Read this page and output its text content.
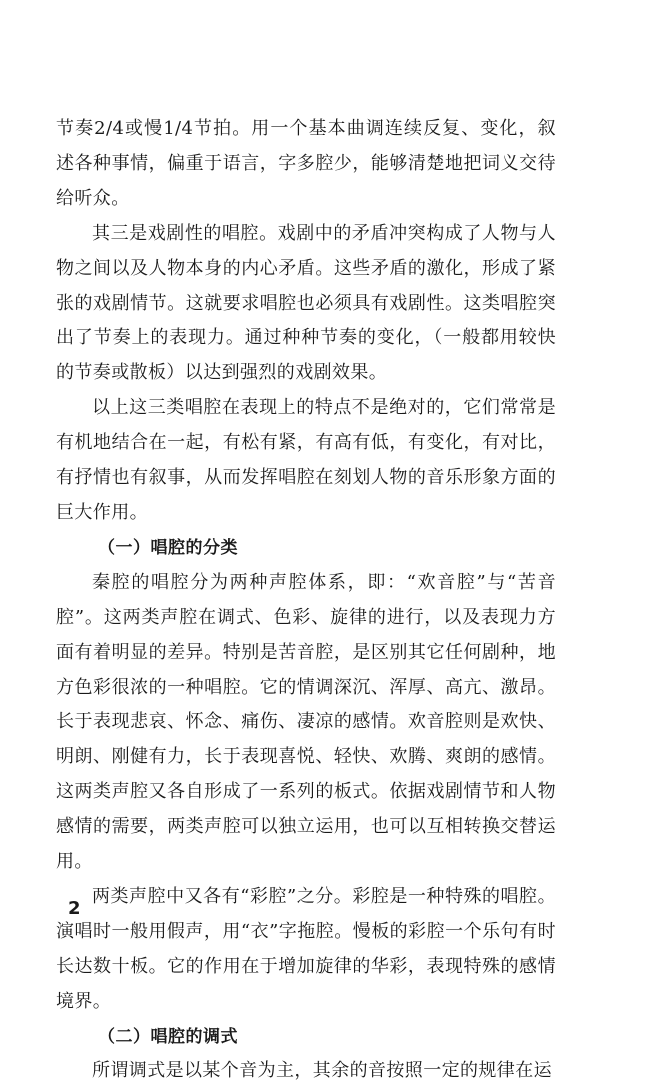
节奏2/4或慢1/4节拍。用一个基本曲调连续反复、变化，叙述各种事情，偏重于语言，字多腔少，能够清楚地把词义交待给听众。

其三是戏剧性的唱腔。戏剧中的矛盾冲突构成了人物与人物之间以及人物本身的内心矛盾。这些矛盾的激化，形成了紧张的戏剧情节。这就要求唱腔也必须具有戏剧性。这类唱腔突出了节奏上的表现力。通过种种节奏的变化，（一般都用较快的节奏或散板）以达到强烈的戏剧效果。

以上这三类唱腔在表现上的特点不是绝对的，它们常常是有机地结合在一起，有松有紧，有高有低，有变化，有对比，有抒情也有叙事，从而发挥唱腔在刻划人物的音乐形象方面的巨大作用。

（一）唱腔的分类

秦腔的唱腔分为两种声腔体系，即：“欢音腔”与“苦音腔”。这两类声腔在调式、色彩、旋律的进行，以及表现力方面有着明显的差异。特别是苦音腔，是区别其它任何剧种，地方色彩很浓的一种唱腔。它的情调深沉、浑厚、高亢、激昂。长于表现悲哀、怀念、痛伤、凄凉的感情。欢音腔则是欢快、明朗、刚健有力，长于表现喜悦、轻快、欢腾、爽朗的感情。这两类声腔又各自形成了一系列的板式。依据戏剧情节和人物感情的需要，两类声腔可以独立运用，也可以互相转换交替运用。

两类声腔中又各有“彩腔”之分。彩腔是一种特殊的唱腔。演唱时一般用假声，用“衣”字拖腔。慢板的彩腔一个乐句有时长达数十板。它的作用在于增加旋律的华彩，表现特殊的感情境界。

（二）唱腔的调式

所谓调式是以某个音为主，其余的音按照一定的规律在运

2
